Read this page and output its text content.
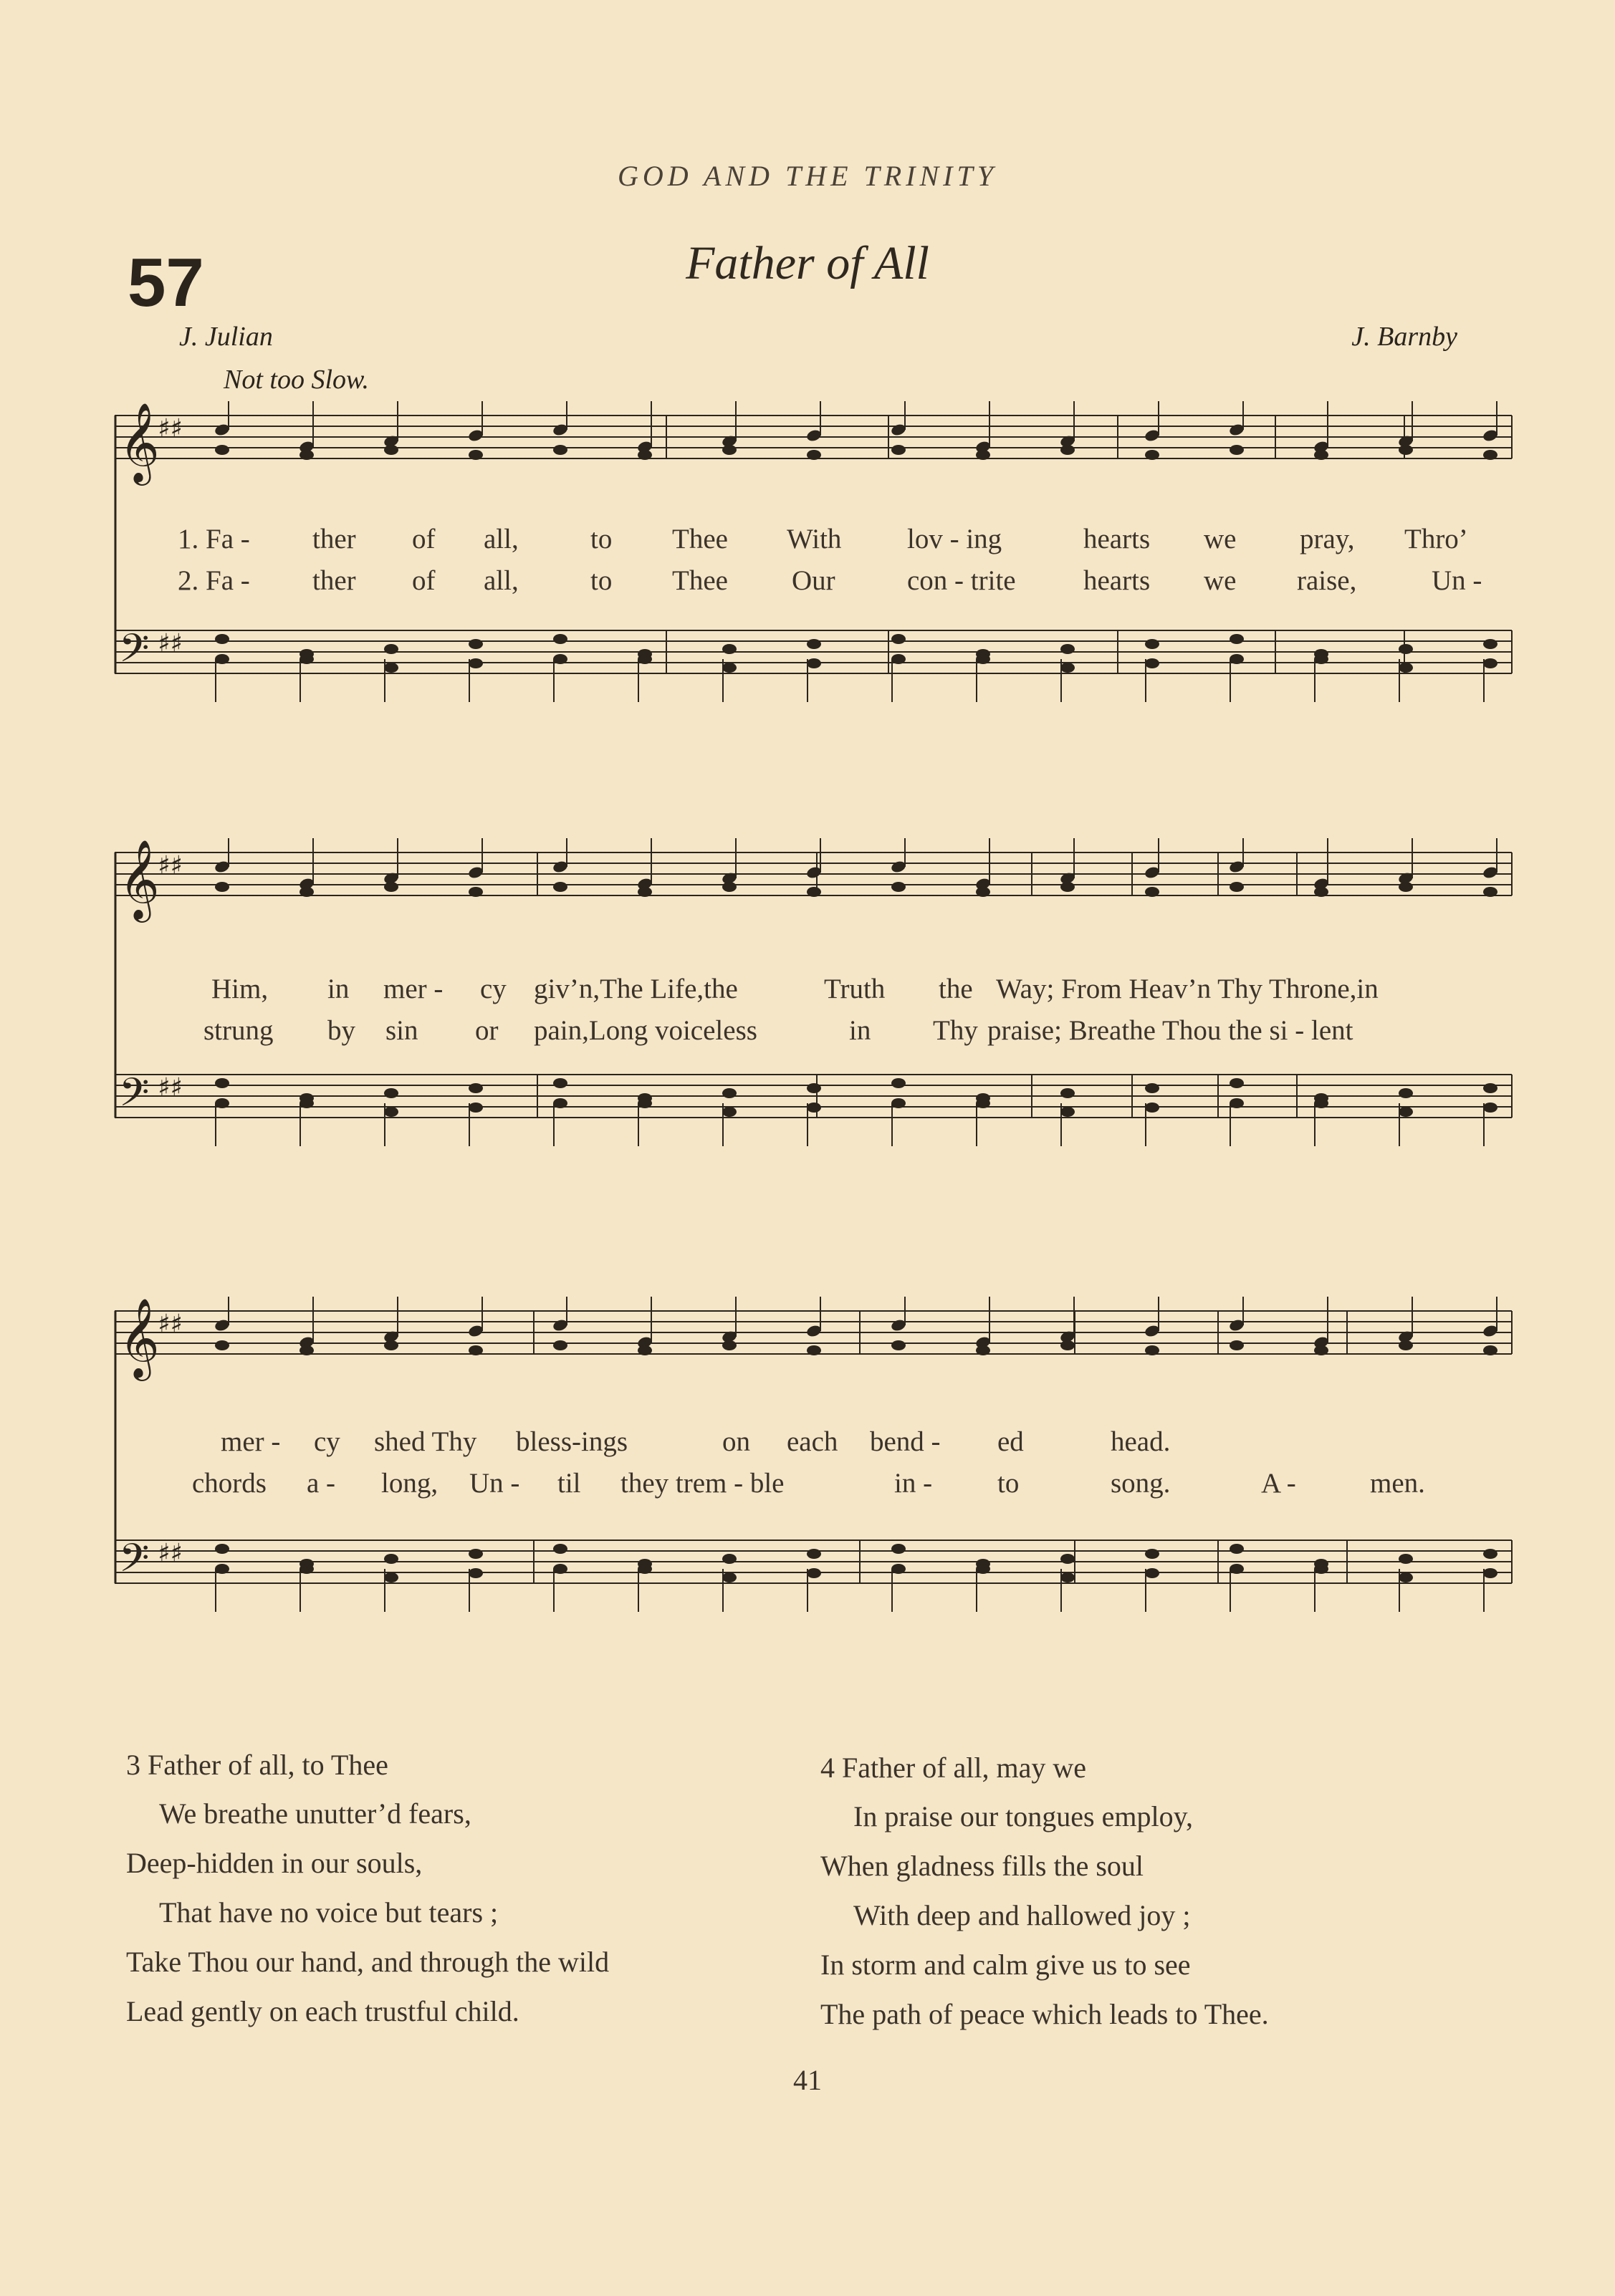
GOD AND THE TRINITY
57	Father of All
J. Julian	J. Barnby
Not too Slow.
𝄞
♯♯
𝄢 ♯♯
1. Fa - ther of all,	to Thee With lov - ing	hearts we pray, Thro’
2. Fa - ther of all,	to Thee Our	con - trite hearts we raise,	Un -
𝄞
♯♯
𝄢 ♯♯
Him, in mer - cy giv’n,The Life,the	Truth the Way; From Heav’n Thy Throne,in
strung by sin or pain,Long voiceless	in Thy praise; Breathe Thou the si - lent
𝄞
♯♯
𝄢 ♯♯
mer - cy shed Thy bless-ings	on each bend - ed	head.
chords a - long, Un - til they trem - ble	in - to	song.	A -	men.
3 Father of all, to Thee
We breathe unutter’d fears,
Deep-hidden in our souls,
That have no voice but tears ;
Take Thou our hand, and through the wild
Lead gently on each trustful child.
4 Father of all, may we
In praise our tongues employ,
When gladness fills the soul
With deep and hallowed joy ;
In storm and calm give us to see
The path of peace which leads to Thee.
41
